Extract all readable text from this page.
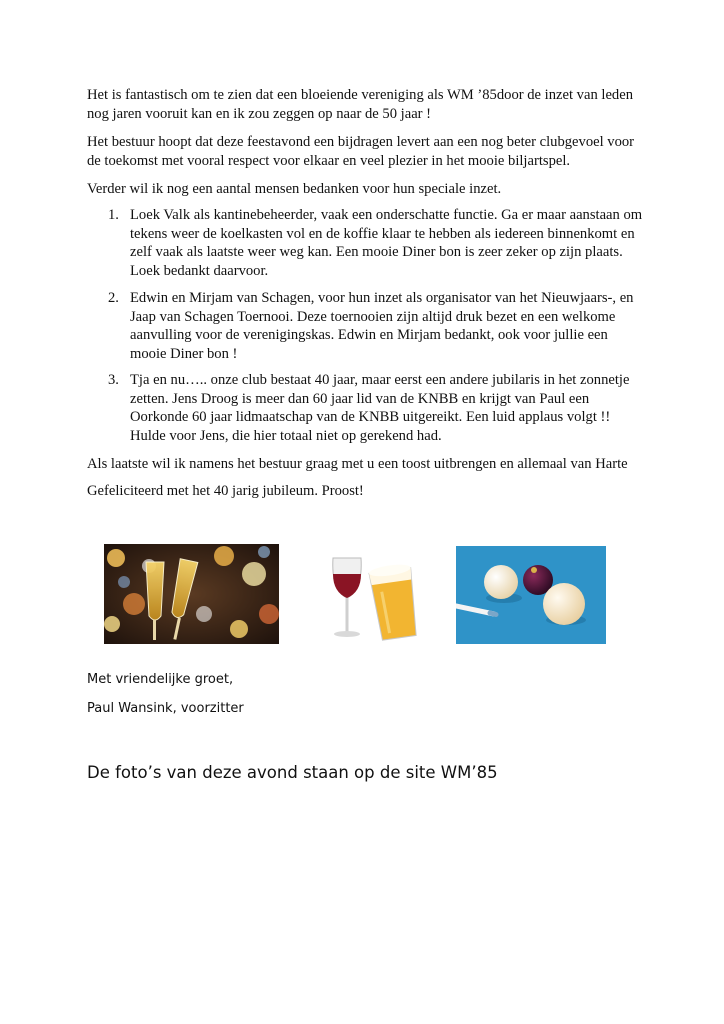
Het is fantastisch om te zien dat een bloeiende vereniging als WM ’85door de inzet van leden nog jaren vooruit kan en ik zou zeggen op naar de 50 jaar !

Het bestuur hoopt dat deze feestavond een bijdragen levert aan een nog beter clubgevoel voor de toekomst met vooral respect voor elkaar en veel plezier in het mooie biljartspel.

Verder wil ik nog een aantal mensen bedanken voor hun speciale inzet.

1. Loek Valk als kantinebeheerder, vaak een onderschatte functie. Ga er maar aanstaan om tekens weer de koelkasten vol en de koffie klaar te hebben als iedereen binnenkomt en zelf vaak als laatste weer weg kan. Een mooie Diner bon is zeer zeker op zijn plaats. Loek bedankt daarvoor.
2. Edwin en Mirjam van Schagen, voor hun inzet als organisator van het Nieuwjaars-, en Jaap van Schagen Toernooi. Deze toernooien zijn altijd druk bezet en een welkome aanvulling voor de verenigingskas. Edwin en Mirjam bedankt, ook voor jullie een mooie Diner bon !
3. Tja en nu….. onze club bestaat 40 jaar, maar eerst een andere jubilaris in het zonnetje zetten. Jens Droog is meer dan 60 jaar lid van de KNBB en krijgt van Paul een Oorkonde 60 jaar lidmaatschap van de KNBB uitgereikt. Een luid applaus volgt !! Hulde voor Jens, die hier totaal niet op gerekend had.

Als laatste wil ik namens het bestuur graag met u een toost uitbrengen en allemaal van Harte

Gefeliciteerd met het 40 jarig jubileum. Proost!

Met vriendelijke groet,
Paul Wansink, voorzitter
De foto’s van deze avond staan op de site WM’85
